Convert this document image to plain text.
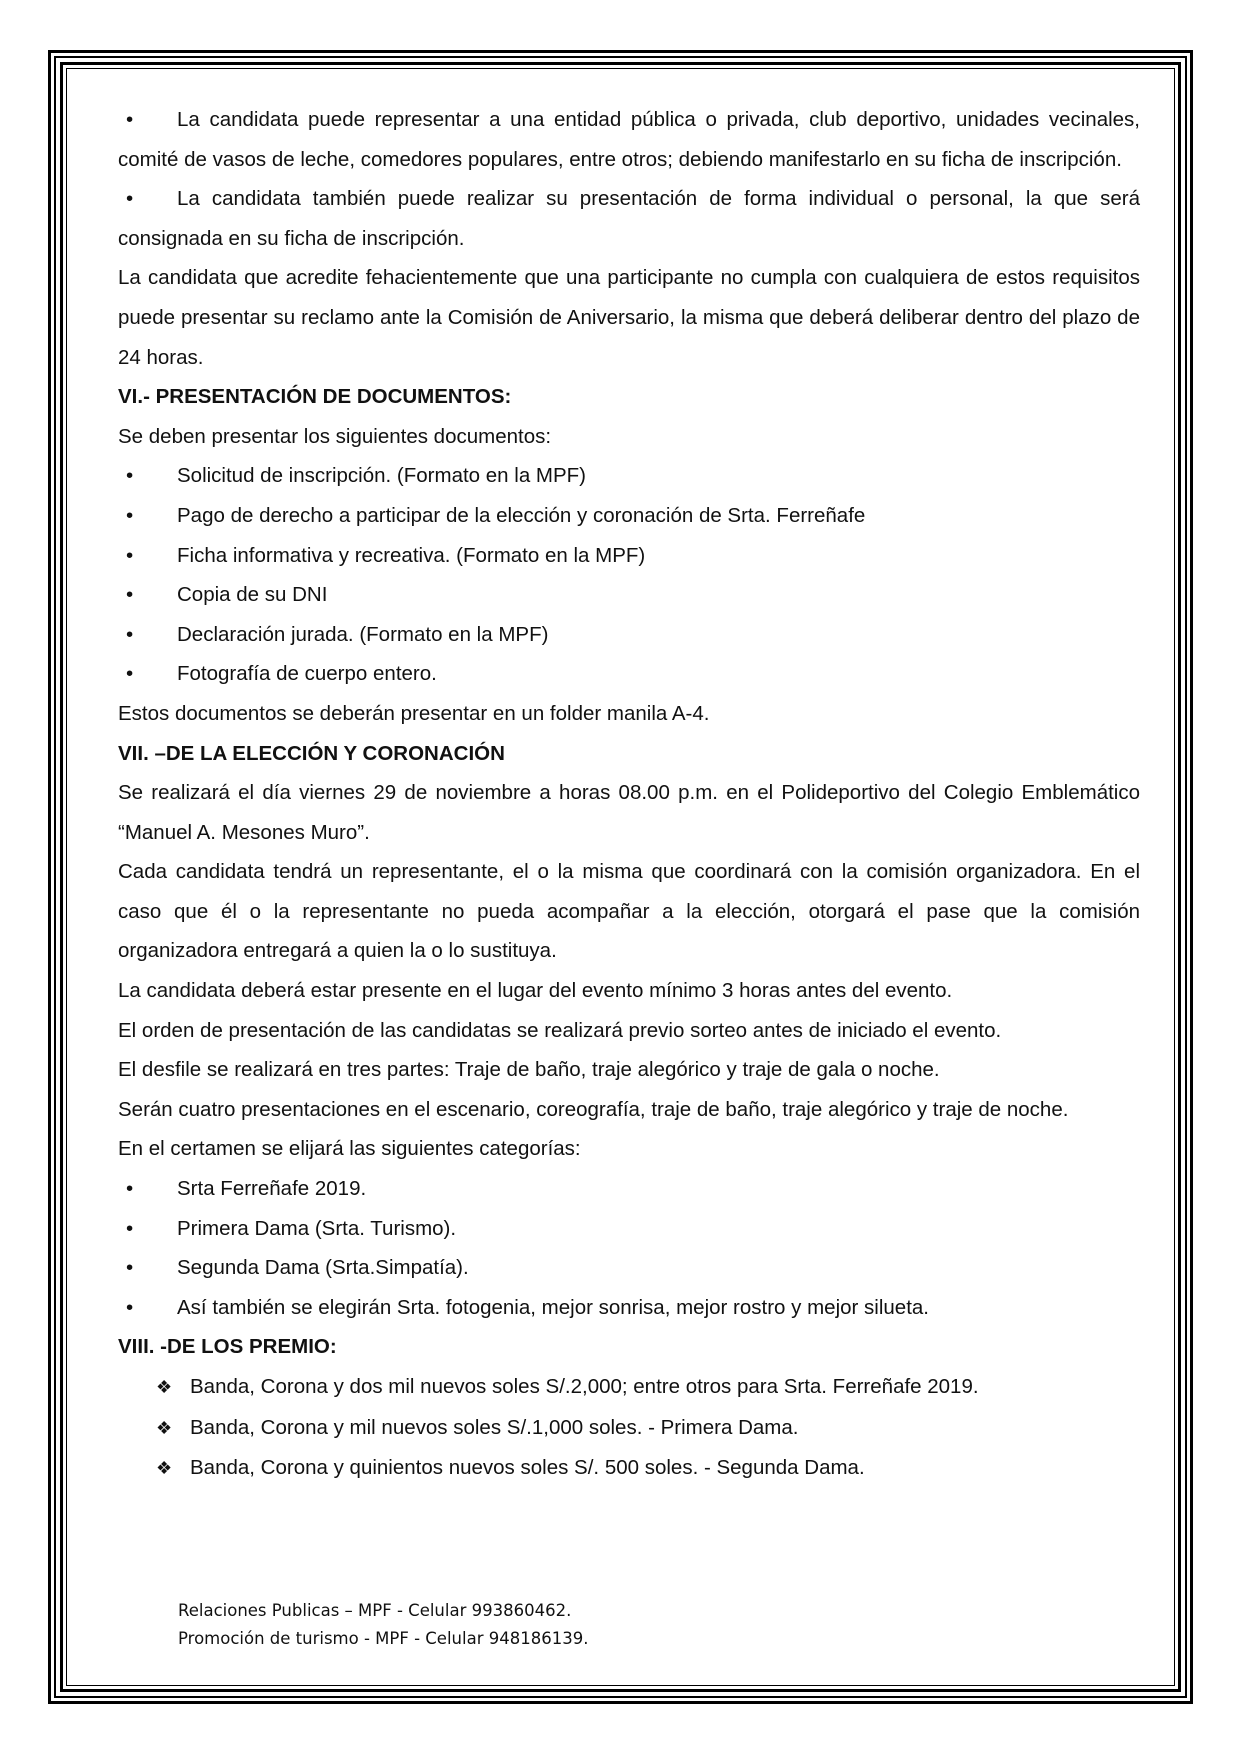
• La candidata puede representar a una entidad pública o privada, club deportivo, unidades vecinales, comité de vasos de leche, comedores populares, entre otros; debiendo manifestarlo en su ficha de inscripción.

• La candidata también puede realizar su presentación de forma individual o personal, la que será consignada en su ficha de inscripción.

La candidata que acredite fehacientemente que una participante no cumpla con cualquiera de estos requisitos puede presentar su reclamo ante la Comisión de Aniversario, la misma que deberá deliberar dentro del plazo de 24 horas.

VI.- PRESENTACIÓN DE DOCUMENTOS:

Se deben presentar los siguientes documentos:

• Solicitud de inscripción. (Formato en la MPF)

• Pago de derecho a participar de la elección y coronación de Srta. Ferreñafe

• Ficha informativa y recreativa. (Formato en la MPF)

• Copia de su DNI

• Declaración jurada. (Formato en la MPF)

• Fotografía de cuerpo entero.

Estos documentos se deberán presentar en un folder manila A-4.

VII. –DE LA ELECCIÓN Y CORONACIÓN

Se realizará el día viernes 29 de noviembre a horas 08.00 p.m. en el Polideportivo del Colegio Emblemático “Manuel A. Mesones Muro”.

Cada candidata tendrá un representante, el o la misma que coordinará con la comisión organizadora. En el caso que él o la representante no pueda acompañar a la elección, otorgará el pase que la comisión organizadora entregará a quien la o lo sustituya.

La candidata deberá estar presente en el lugar del evento mínimo 3 horas antes del evento.

El orden de presentación de las candidatas se realizará previo sorteo antes de iniciado el evento.

El desfile se realizará en tres partes: Traje de baño, traje alegórico y traje de gala o noche.

Serán cuatro presentaciones en el escenario, coreografía, traje de baño, traje alegórico y traje de noche.

En el certamen se elijará las siguientes categorías:

• Srta Ferreñafe 2019.

• Primera Dama (Srta. Turismo).

• Segunda Dama (Srta.Simpatía).

• Así también se elegirán Srta. fotogenia, mejor sonrisa, mejor rostro y mejor silueta.

VIII. -DE LOS PREMIO:

❖ Banda, Corona y dos mil nuevos soles S/.2,000; entre otros para Srta. Ferreñafe 2019.

❖ Banda, Corona y mil nuevos soles S/.1,000 soles. - Primera Dama.

❖ Banda, Corona y quinientos nuevos soles S/. 500 soles. - Segunda Dama.

Relaciones Publicas – MPF - Celular 993860462.

Promoción de turismo - MPF - Celular 948186139.
